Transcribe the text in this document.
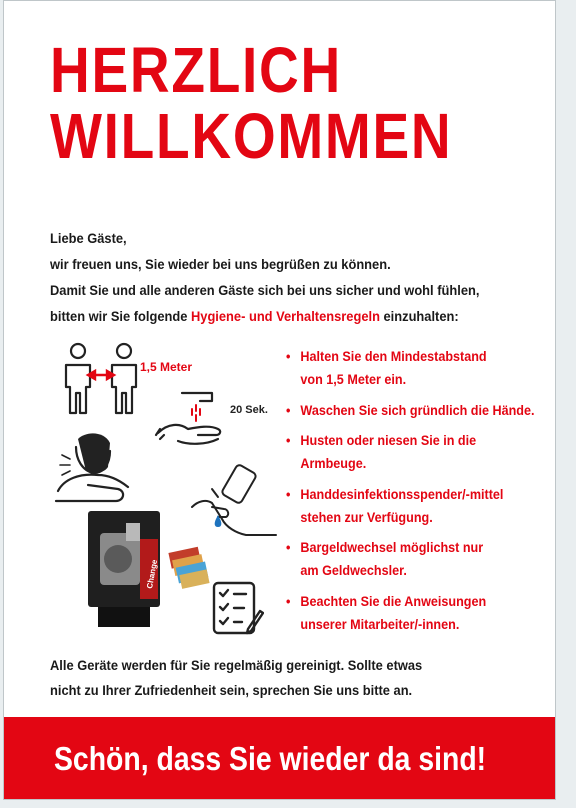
HERZLICH
WILLKOMMEN

Liebe Gäste,

wir freuen uns, Sie wieder bei uns begrüßen zu können.

Damit Sie und alle anderen Gäste sich bei uns sicher und wohl fühlen,

bitten wir Sie folgende Hygiene- und Verhaltensregeln einzuhalten:

1,5 Meter
20 Sek.
Change
• Halten Sie den Mindestabstand
von 1,5 Meter ein.
• Waschen Sie sich gründlich die Hände.
• Husten oder niesen Sie in die
Armbeuge.
• Handdesinfektionsspender/-mittel
stehen zur Verfügung.
• Bargeldwechsel möglichst nur
am Geldwechsler.
• Beachten Sie die Anweisungen
unserer Mitarbeiter/-innen.

Alle Geräte werden für Sie regelmäßig gereinigt. Sollte etwas

nicht zu Ihrer Zufriedenheit sein, sprechen Sie uns bitte an.

Schön, dass Sie wieder da sind!
